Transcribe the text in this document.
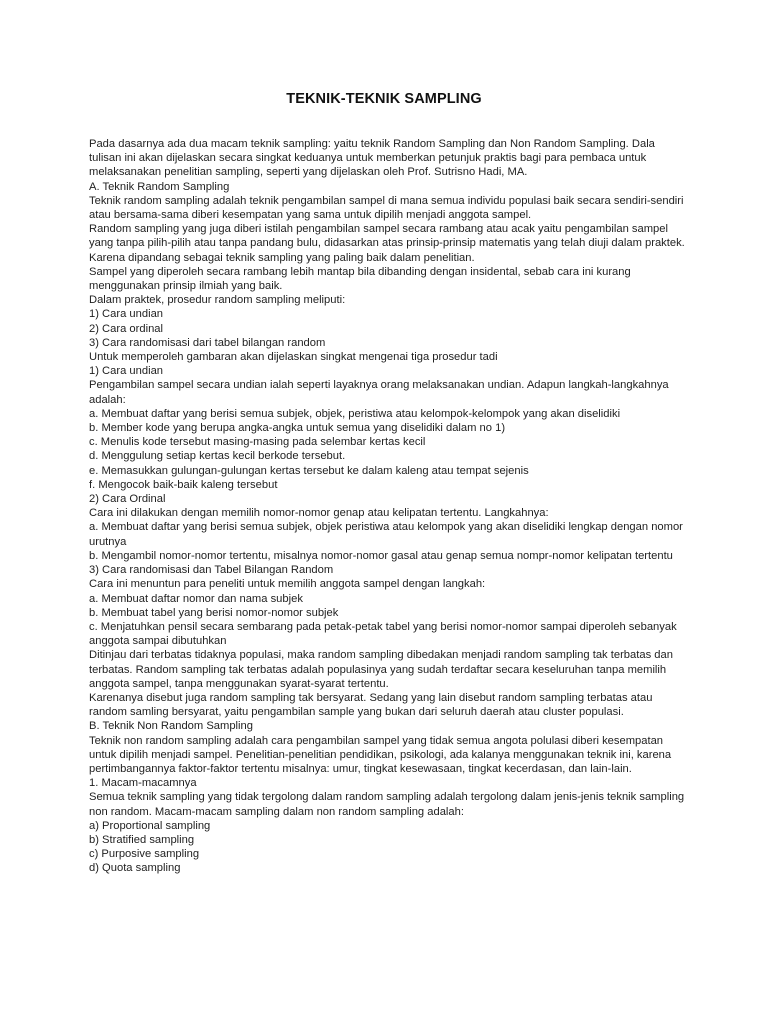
TEKNIK-TEKNIK SAMPLING

Pada dasarnya ada dua macam teknik sampling: yaitu teknik Random Sampling dan Non Random Sampling. Dala tulisan ini akan dijelaskan secara singkat keduanya untuk memberkan petunjuk praktis bagi para pembaca untuk melaksanakan penelitian sampling, seperti yang dijelaskan oleh Prof. Sutrisno Hadi, MA.

A. Teknik Random Sampling

Teknik random sampling adalah teknik pengambilan sampel di mana semua individu populasi baik secara sendiri-sendiri atau bersama-sama diberi kesempatan yang sama untuk dipilih menjadi anggota sampel.

Random sampling yang juga diberi istilah pengambilan sampel secara rambang atau acak yaitu pengambilan sampel yang tanpa pilih-pilih atau tanpa pandang bulu, didasarkan atas prinsip-prinsip matematis yang telah diuji dalam praktek. Karena dipandang sebagai teknik sampling yang paling baik dalam penelitian.

Sampel yang diperoleh secara rambang lebih mantap bila dibanding dengan insidental, sebab cara ini kurang menggunakan prinsip ilmiah yang baik.

Dalam praktek, prosedur random sampling meliputi:

1) Cara undian

2) Cara ordinal

3) Cara randomisasi dari tabel bilangan random

Untuk memperoleh gambaran akan dijelaskan singkat mengenai tiga prosedur tadi

1) Cara undian

Pengambilan sampel secara undian ialah seperti layaknya orang melaksanakan undian. Adapun langkah-langkahnya adalah:

a. Membuat daftar yang berisi semua subjek, objek, peristiwa atau kelompok-kelompok yang akan diselidiki

b. Member kode yang berupa angka-angka untuk semua yang diselidiki dalam no 1)

c. Menulis kode tersebut masing-masing pada selembar kertas kecil

d. Menggulung setiap kertas kecil berkode tersebut.

e. Memasukkan gulungan-gulungan kertas tersebut ke dalam kaleng atau tempat sejenis

f. Mengocok baik-baik kaleng tersebut

2) Cara Ordinal

Cara ini dilakukan dengan memilih nomor-nomor genap atau kelipatan tertentu. Langkahnya:

a. Membuat daftar yang berisi semua subjek, objek peristiwa atau kelompok yang akan diselidiki lengkap dengan nomor urutnya

b. Mengambil nomor-nomor tertentu, misalnya nomor-nomor gasal atau genap semua nompr-nomor kelipatan tertentu

3) Cara randomisasi dan Tabel Bilangan Random

Cara ini menuntun para peneliti untuk memilih anggota sampel dengan langkah:

a. Membuat daftar nomor dan nama subjek

b. Membuat tabel yang berisi nomor-nomor subjek

c. Menjatuhkan pensil secara sembarang pada petak-petak tabel yang berisi nomor-nomor sampai diperoleh sebanyak anggota sampai dibutuhkan

Ditinjau dari terbatas tidaknya populasi, maka random sampling dibedakan menjadi random sampling tak terbatas dan terbatas. Random sampling tak terbatas adalah populasinya yang sudah terdaftar secara keseluruhan tanpa memilih anggota sampel, tanpa menggunakan syarat-syarat tertentu.

Karenanya disebut juga random sampling tak bersyarat. Sedang yang lain disebut random sampling terbatas atau random samling bersyarat, yaitu pengambilan sample yang bukan dari seluruh daerah atau cluster populasi.

B. Teknik Non Random Sampling

Teknik non random sampling adalah cara pengambilan sampel yang tidak semua angota polulasi diberi kesempatan untuk dipilih menjadi sampel. Penelitian-penelitian pendidikan, psikologi, ada kalanya menggunakan teknik ini, karena pertimbangannya faktor-faktor tertentu misalnya: umur, tingkat kesewasaan, tingkat kecerdasan, dan lain-lain.

1. Macam-macamnya

Semua teknik sampling yang tidak tergolong dalam random sampling adalah tergolong dalam jenis-jenis teknik sampling non random. Macam-macam sampling dalam non random sampling adalah:

a) Proportional sampling

b) Stratified sampling

c) Purposive sampling

d) Quota sampling
